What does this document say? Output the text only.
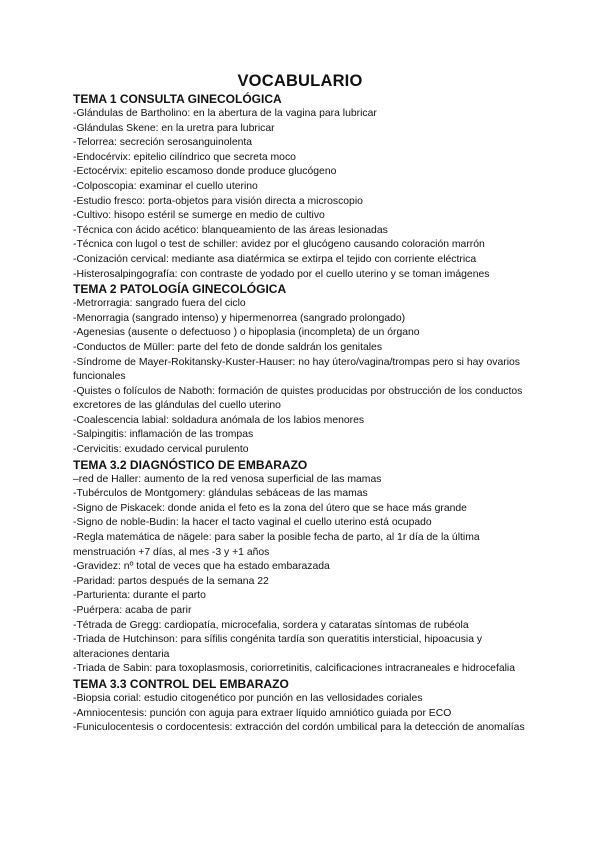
VOCABULARIO
TEMA 1 CONSULTA GINECOLÓGICA

-Glándulas de Bartholino: en la abertura de la vagina para lubricar

-Glándulas Skene: en la uretra para lubricar

-Telorrea: secreción serosanguinolenta

-Endocérvix: epitelio cilíndrico que secreta moco

-Ectocérvix: epitelio escamoso donde produce glucógeno

-Colposcopia: examinar el cuello uterino

-Estudio fresco: porta-objetos para visión directa a microscopio

-Cultivo: hisopo estéril se sumerge en medio de cultivo

-Técnica con ácido acético: blanqueamiento de las áreas lesionadas

-Técnica con lugol o test de schiller: avidez por el glucógeno causando coloración marrón

-Conización cervical: mediante asa diatérmica se extirpa el tejido con corriente eléctrica

-Histerosalpingografía: con contraste de yodado por el cuello uterino y se toman imágenes

TEMA 2 PATOLOGÍA GINECOLÓGICA

-Metrorragia: sangrado fuera del ciclo

-Menorragia (sangrado intenso) y hipermenorrea (sangrado prolongado)

-Agenesias (ausente o defectuoso ) o hipoplasia (incompleta) de un órgano

-Conductos de Müller: parte del feto de donde saldrán los genitales

-Síndrome de Mayer-Rokitansky-Kuster-Hauser: no hay útero/vagina/trompas pero si hay ovarios funcionales

-Quistes o folículos de Naboth: formación de quistes producidas por obstrucción de los conductos excretores de las glándulas del cuello uterino

-Coalescencia labial: soldadura anómala de los labios menores

-Salpingitis: inflamación de las trompas

-Cervicitis: exudado cervical purulento

TEMA 3.2 DIAGNÓSTICO DE EMBARAZO

–red de Haller: aumento de la red venosa superficial de las mamas

-Tubérculos de Montgomery: glándulas sebáceas de las mamas

-Signo de Piskacek: donde anida el feto es la zona del útero que se hace más grande

-Signo de noble-Budin: la hacer el tacto vaginal el cuello uterino está ocupado

-Regla matemática de nägele: para saber la posible fecha de parto, al 1r día de la última menstruación +7 días, al mes -3 y +1 años

-Gravidez: nº total de veces que ha estado embarazada

-Paridad: partos después de la semana 22

-Parturienta: durante el parto

-Puérpera: acaba de parir

-Tétrada de Gregg: cardiopatía, microcefalia, sordera y cataratas síntomas de rubéola

-Triada de Hutchinson: para sífilis congénita tardía son queratitis intersticial, hipoacusia y alteraciones dentaria

-Triada de Sabin: para toxoplasmosis, coriorretinitis, calcificaciones intracraneales e hidrocefalia

TEMA 3.3 CONTROL DEL EMBARAZO

-Biopsia corial: estudio citogenético por punción en las vellosidades coriales

-Amniocentesis: punción con aguja para extraer líquido amniótico guiada por ECO

-Funiculocentesis o cordocentesis: extracción del cordón umbilical para la detección de anomalías
